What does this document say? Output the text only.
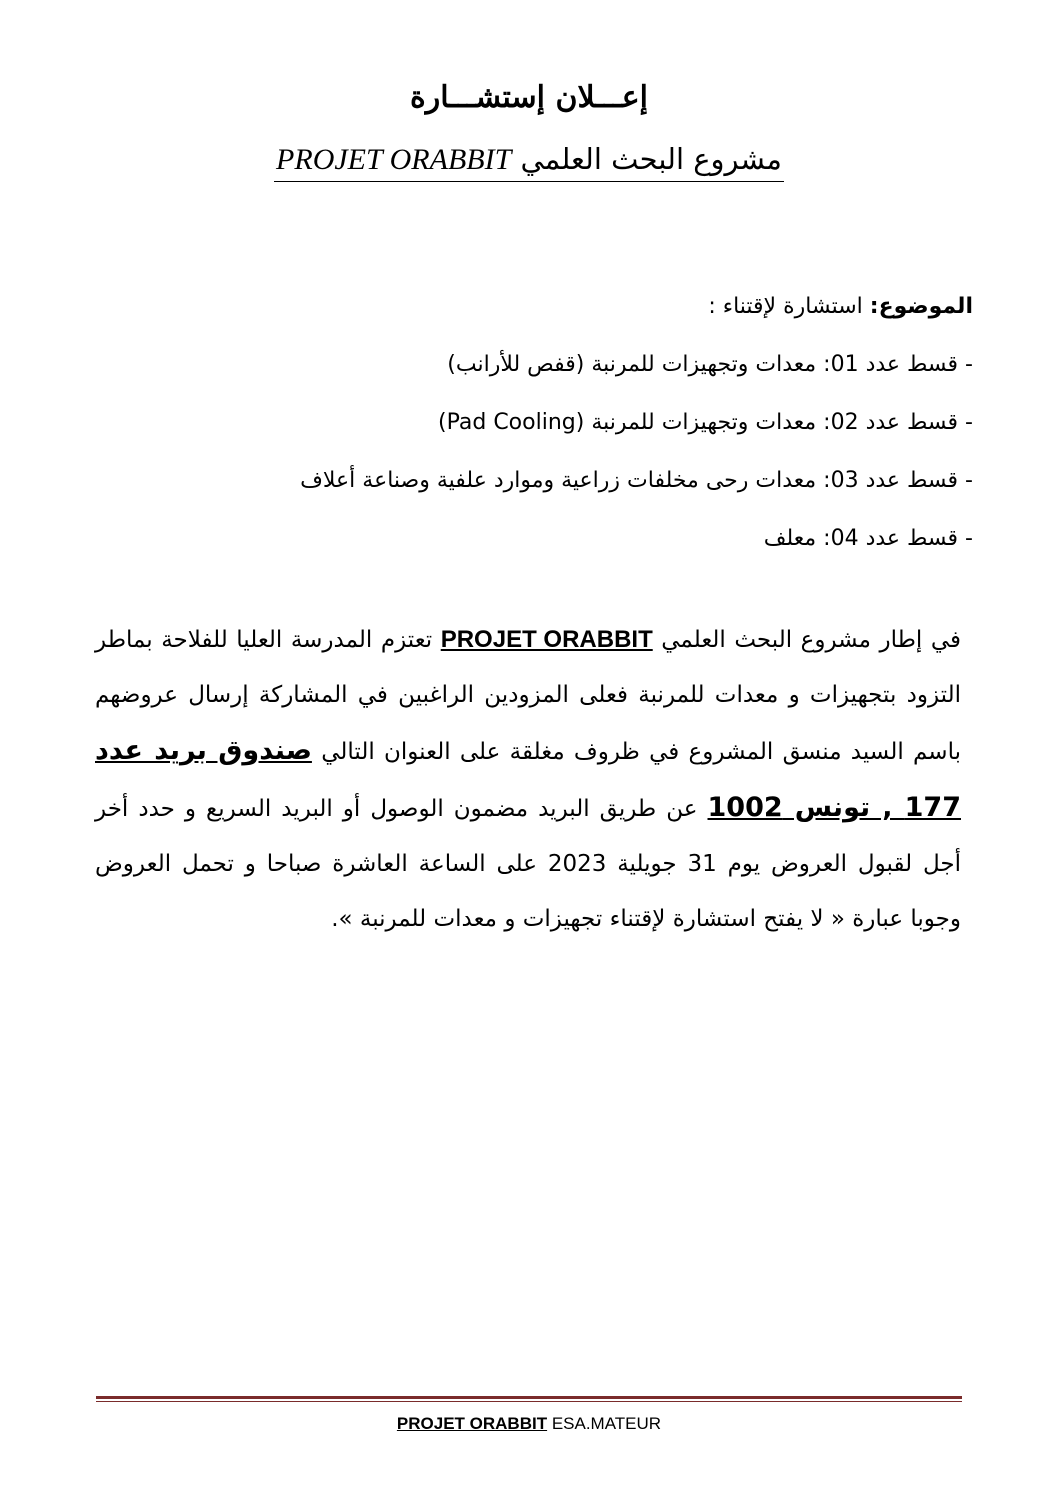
إعـــلان إستشـــارة
مشروع البحث العلمي PROJET ORABBIT
الموضوع: استشارة لإقتناء :
- قسط عدد 01: معدات وتجهيزات للمرنبة (قفص للأرانب)
- قسط عدد 02: معدات وتجهيزات للمرنبة (Pad Cooling)
- قسط عدد 03: معدات رحى مخلفات زراعية وموارد علفية وصناعة أعلاف
- قسط عدد 04: معلف
في إطار مشروع البحث العلمي PROJET ORABBIT تعتزم المدرسة العليا للفلاحة بماطر التزود بتجهيزات و معدات للمرنبة فعلى المزودين الراغبين في المشاركة إرسال عروضهم باسم السيد منسق المشروع في ظروف مغلقة على العنوان التالي صندوق بريد عدد 177 , تونس 1002 عن طريق البريد مضمون الوصول أو البريد السريع و حدد أخر أجل لقبول العروض يوم 31 جويلية 2023 على الساعة العاشرة صباحا و تحمل العروض وجوبا عبارة « لا يفتح استشارة لإقتناء تجهيزات و معدات للمرنبة ».
PROJET ORABBIT ESA.MATEUR
